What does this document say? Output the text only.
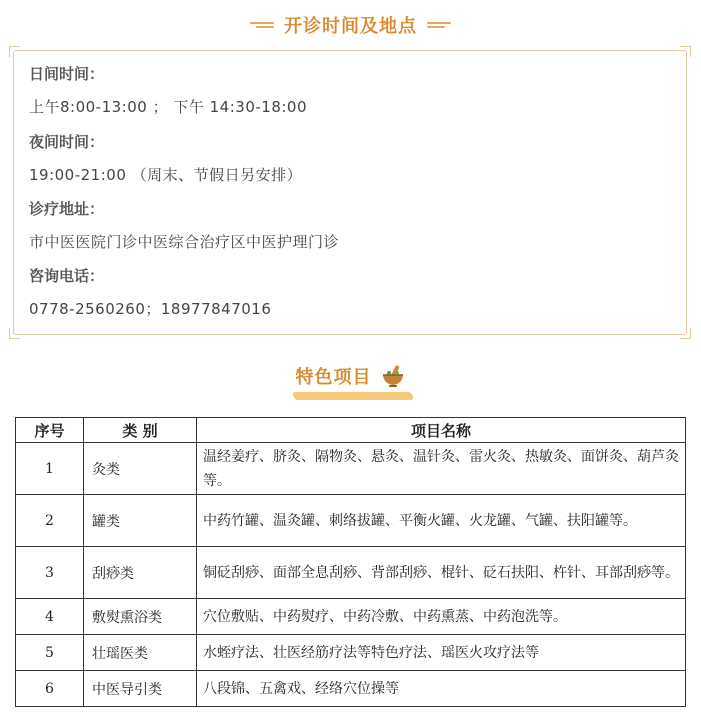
开诊时间及地点
日间时间：
上午8:00-13:00 ； 下午 14:30-18:00
夜间时间：
19:00-21:00 （周末、节假日另安排）
诊疗地址：
市中医医院门诊中医综合治疗区中医护理门诊
咨询电话：
0778-2560260；18977847016
特色项目
序号	类 别	项目名称
1	灸类	温经姜疗、脐灸、隔物灸、悬灸、温针灸、雷火灸、热敏灸、面饼灸、葫芦灸等。
2	罐类	中药竹罐、温灸罐、刺络拔罐、平衡火罐、火龙罐、气罐、扶阳罐等。
3	刮痧类	铜砭刮痧、面部全息刮痧、背部刮痧、棍针、砭石扶阳、杵针、耳部刮痧等。
4	敷熨熏浴类	穴位敷贴、中药熨疗、中药冷敷、中药熏蒸、中药泡洗等。
5	壮瑶医类	水蛭疗法、壮医经筋疗法等特色疗法、瑶医火攻疗法等
6	中医导引类	八段锦、五禽戏、经络穴位操等
